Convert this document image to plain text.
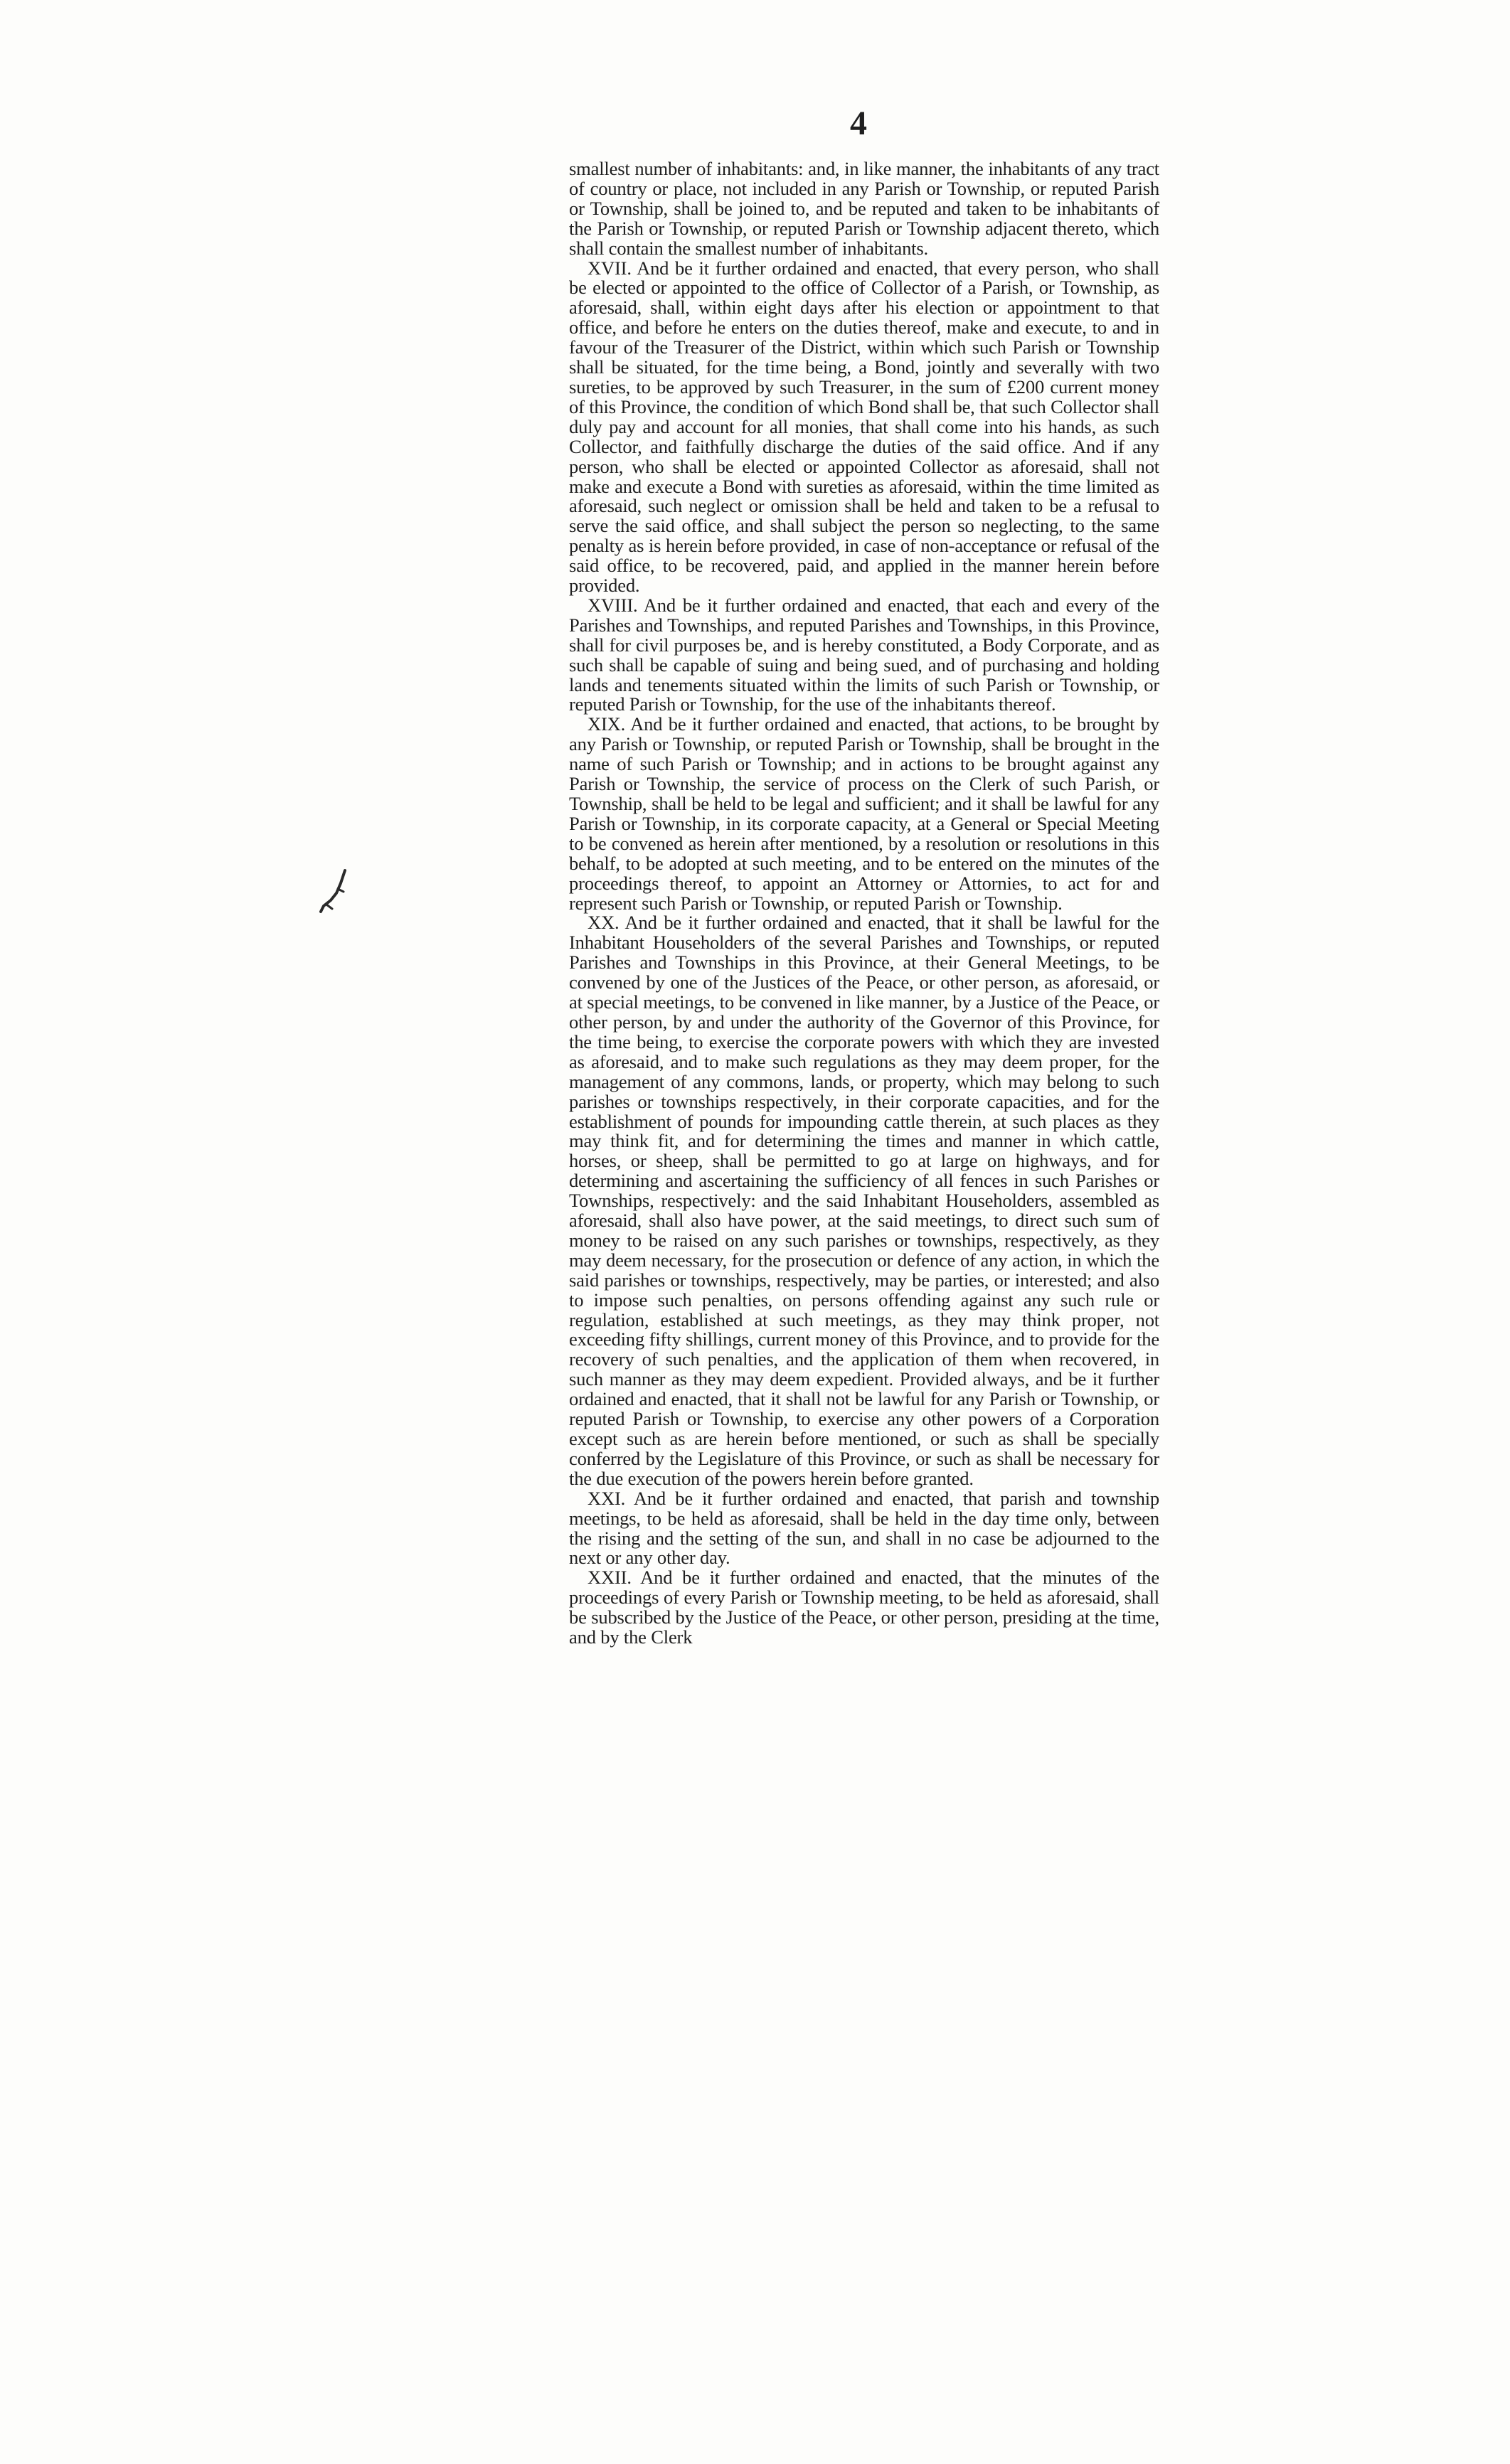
4

smallest number of inhabitants: and, in like manner, the inhabitants of any tract of country or place, not included in any Parish or Township, or reputed Parish or Township, shall be joined to, and be reputed and taken to be inhabitants of the Parish or Township, or reputed Parish or Township adjacent thereto, which shall contain the smallest number of inhabitants.

XVII. And be it further ordained and enacted, that every person, who shall be elected or appointed to the office of Collector of a Parish, or Township, as aforesaid, shall, within eight days after his election or appointment to that office, and before he enters on the duties thereof, make and execute, to and in favour of the Treasurer of the District, within which such Parish or Township shall be situated, for the time being, a Bond, jointly and severally with two sureties, to be approved by such Treasurer, in the sum of £200 current money of this Province, the condition of which Bond shall be, that such Collector shall duly pay and account for all monies, that shall come into his hands, as such Collector, and faithfully discharge the duties of the said office. And if any person, who shall be elected or appointed Collector as aforesaid, shall not make and execute a Bond with sureties as aforesaid, within the time limited as aforesaid, such neglect or omission shall be held and taken to be a refusal to serve the said office, and shall subject the person so neglecting, to the same penalty as is herein before provided, in case of non-acceptance or refusal of the said office, to be recovered, paid, and applied in the manner herein before provided.

XVIII. And be it further ordained and enacted, that each and every of the Parishes and Townships, and reputed Parishes and Townships, in this Province, shall for civil purposes be, and is hereby constituted, a Body Corporate, and as such shall be capable of suing and being sued, and of purchasing and holding lands and tenements situated within the limits of such Parish or Township, or reputed Parish or Township, for the use of the inhabitants thereof.

XIX. And be it further ordained and enacted, that actions, to be brought by any Parish or Township, or reputed Parish or Township, shall be brought in the name of such Parish or Township; and in actions to be brought against any Parish or Township, the service of process on the Clerk of such Parish, or Township, shall be held to be legal and sufficient; and it shall be lawful for any Parish or Township, in its corporate capacity, at a General or Special Meeting to be convened as herein after mentioned, by a resolution or resolutions in this behalf, to be adopted at such meeting, and to be entered on the minutes of the proceedings thereof, to appoint an Attorney or Attornies, to act for and represent such Parish or Township, or reputed Parish or Township.

XX. And be it further ordained and enacted, that it shall be lawful for the Inhabitant Householders of the several Parishes and Townships, or reputed Parishes and Townships in this Province, at their General Meetings, to be convened by one of the Justices of the Peace, or other person, as aforesaid, or at special meetings, to be convened in like manner, by a Justice of the Peace, or other person, by and under the authority of the Governor of this Province, for the time being, to exercise the corporate powers with which they are invested as aforesaid, and to make such regulations as they may deem proper, for the management of any commons, lands, or property, which may belong to such parishes or townships respectively, in their corporate capacities, and for the establishment of pounds for impounding cattle therein, at such places as they may think fit, and for determining the times and manner in which cattle, horses, or sheep, shall be permitted to go at large on highways, and for determining and ascertaining the sufficiency of all fences in such Parishes or Townships, respectively: and the said Inhabitant Householders, assembled as aforesaid, shall also have power, at the said meetings, to direct such sum of money to be raised on any such parishes or townships, respectively, as they may deem necessary, for the prosecution or defence of any action, in which the said parishes or townships, respectively, may be parties, or interested; and also to impose such penalties, on persons offending against any such rule or regulation, established at such meetings, as they may think proper, not exceeding fifty shillings, current money of this Province, and to provide for the recovery of such penalties, and the application of them when recovered, in such manner as they may deem expedient. Provided always, and be it further ordained and enacted, that it shall not be lawful for any Parish or Township, or reputed Parish or Township, to exercise any other powers of a Corporation except such as are herein before mentioned, or such as shall be specially conferred by the Legislature of this Province, or such as shall be necessary for the due execution of the powers herein before granted.

XXI. And be it further ordained and enacted, that parish and township meetings, to be held as aforesaid, shall be held in the day time only, between the rising and the setting of the sun, and shall in no case be adjourned to the next or any other day.

XXII. And be it further ordained and enacted, that the minutes of the proceedings of every Parish or Township meeting, to be held as aforesaid, shall be subscribed by the Justice of the Peace, or other person, presiding at the time, and by the Clerk
